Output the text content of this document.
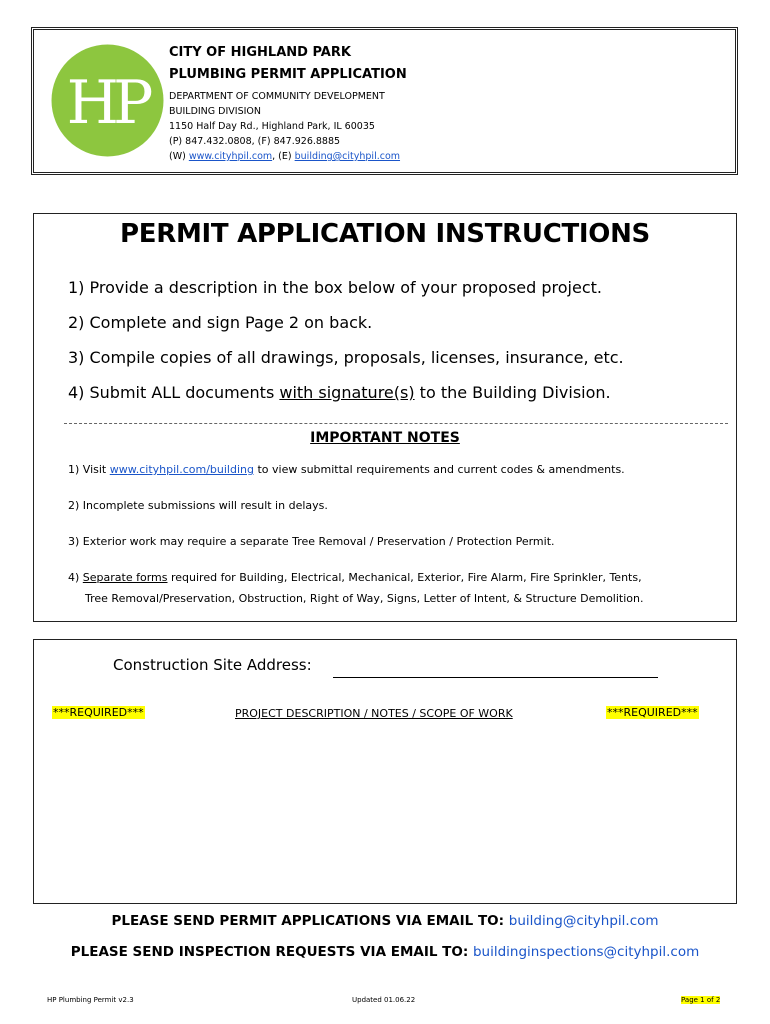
HP
CITY OF HIGHLAND PARK
PLUMBING PERMIT APPLICATION
DEPARTMENT OF COMMUNITY DEVELOPMENT
BUILDING DIVISION
1150 Half Day Rd., Highland Park, IL 60035
(P) 847.432.0808, (F) 847.926.8885
(W) www.cityhpil.com, (E) building@cityhpil.com
PERMIT APPLICATION INSTRUCTIONS
1) Provide a description in the box below of your proposed project.
2) Complete and sign Page 2 on back.
3) Compile copies of all drawings, proposals, licenses, insurance, etc.
4) Submit ALL documents with signature(s) to the Building Division.
IMPORTANT NOTES
1) Visit www.cityhpil.com/building to view submittal requirements and current codes & amendments.
2) Incomplete submissions will result in delays.
3) Exterior work may require a separate Tree Removal / Preservation / Protection Permit.
4) Separate forms required for Building, Electrical, Mechanical, Exterior, Fire Alarm, Fire Sprinkler, Tents,
Tree Removal/Preservation, Obstruction, Right of Way, Signs, Letter of Intent, & Structure Demolition.
Construction Site Address:
***REQUIRED***	PROJECT DESCRIPTION / NOTES / SCOPE OF WORK	***REQUIRED***
PLEASE SEND PERMIT APPLICATIONS VIA EMAIL TO: building@cityhpil.com
PLEASE SEND INSPECTION REQUESTS VIA EMAIL TO: buildinginspections@cityhpil.com
HP Plumbing Permit v2.3	Updated 01.06.22	Page 1 of 2
